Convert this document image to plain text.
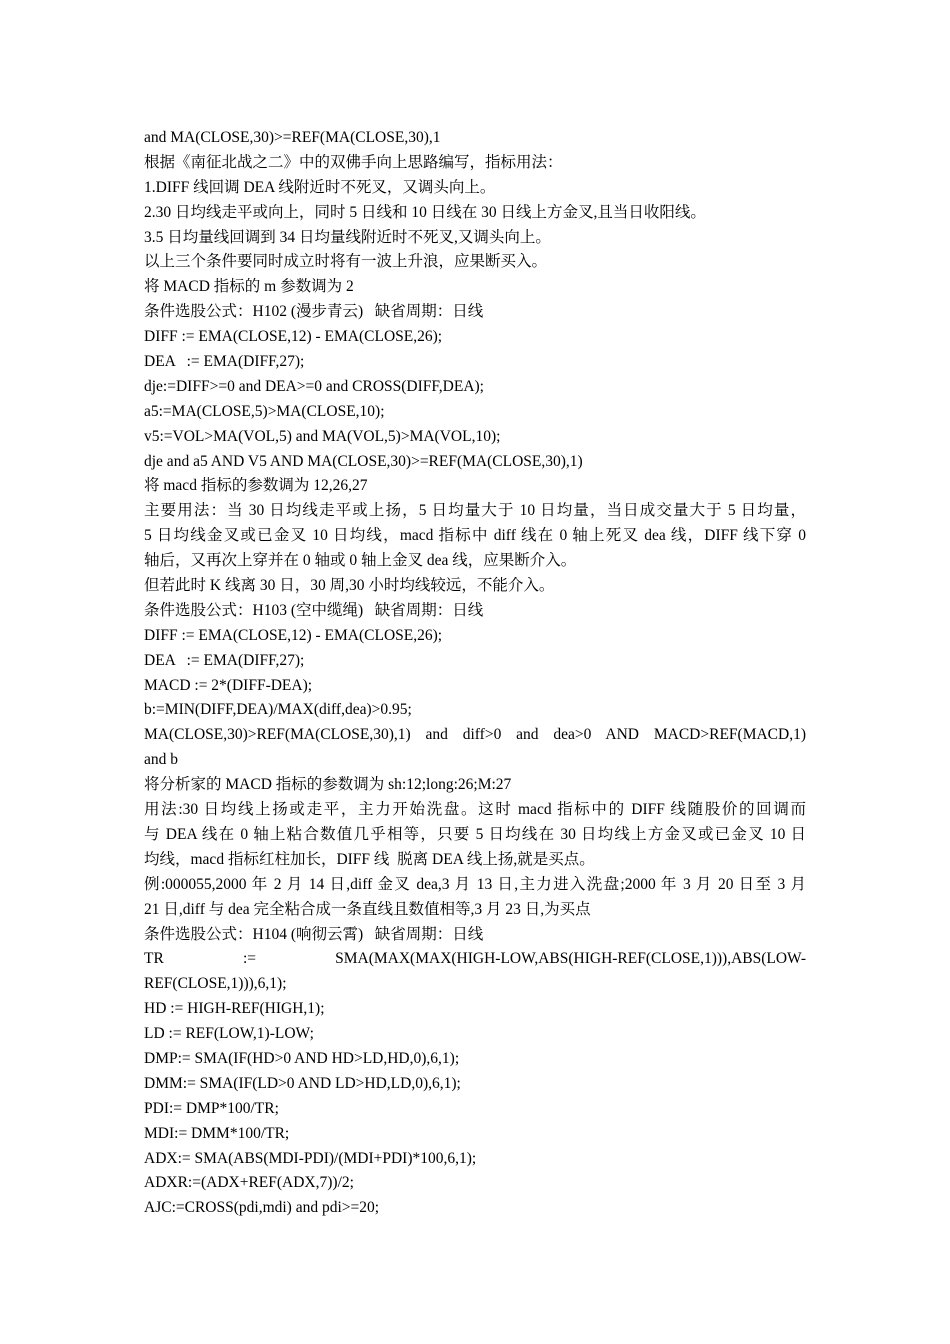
and MA(CLOSE,30)>=REF(MA(CLOSE,30),1
根据《南征北战之二》中的双佛手向上思路编写，指标用法：
1.DIFF 线回调 DEA 线附近时不死叉，又调头向上。
2.30 日均线走平或向上，同时 5 日线和 10 日线在 30 日线上方金叉,且当日收阳线。
3.5 日均量线回调到 34 日均量线附近时不死叉,又调头向上。
以上三个条件要同时成立时将有一波上升浪，应果断买入。
将 MACD 指标的 m 参数调为 2
条件选股公式：H102 (漫步青云)   缺省周期：日线
DIFF := EMA(CLOSE,12) - EMA(CLOSE,26);
DEA   := EMA(DIFF,27);
dje:=DIFF>=0 and DEA>=0 and CROSS(DIFF,DEA);
a5:=MA(CLOSE,5)>MA(CLOSE,10);
v5:=VOL>MA(VOL,5) and MA(VOL,5)>MA(VOL,10);
dje and a5 AND V5 AND MA(CLOSE,30)>=REF(MA(CLOSE,30),1)
将 macd 指标的参数调为 12,26,27
主要用法：当 30 日均线走平或上扬，5 日均量大于 10 日均量，当日成交量大于 5 日均量，
5 日均线金叉或已金叉 10 日均线，macd 指标中 diff 线在 0 轴上死叉 dea 线，DIFF 线下穿 0
轴后，又再次上穿并在 0 轴或 0 轴上金叉 dea 线，应果断介入。
但若此时 K 线离 30 日，30 周,30 小时均线较远，不能介入。
条件选股公式：H103 (空中缆绳)   缺省周期：日线
DIFF := EMA(CLOSE,12) - EMA(CLOSE,26);
DEA   := EMA(DIFF,27);
MACD := 2*(DIFF-DEA);
b:=MIN(DIFF,DEA)/MAX(diff,dea)>0.95;
MA(CLOSE,30)>REF(MA(CLOSE,30),1) and diff>0 and dea>0 AND MACD>REF(MACD,1)
and b
将分析家的 MACD 指标的参数调为 sh:12;long:26;M:27
用法:30 日均线上扬或走平，主力开始洗盘。这时 macd 指标中的 DIFF 线随股价的回调而
与 DEA 线在 0 轴上粘合数值几乎相等，只要 5 日均线在 30 日均线上方金叉或已金叉 10 日
均线，macd 指标红柱加长，DIFF 线  脱离 DEA 线上扬,就是买点。
例:000055,2000 年 2 月 14 日,diff 金叉 dea,3 月 13 日,主力进入洗盘;2000 年 3 月 20 日至 3 月
21 日,diff 与 dea 完全粘合成一条直线且数值相等,3 月 23 日,为买点
条件选股公式：H104 (响彻云霄)   缺省周期：日线
TR := SMA(MAX(MAX(HIGH-LOW,ABS(HIGH-REF(CLOSE,1))),ABS(LOW-
REF(CLOSE,1))),6,1);
HD := HIGH-REF(HIGH,1);
LD := REF(LOW,1)-LOW;
DMP:= SMA(IF(HD>0 AND HD>LD,HD,0),6,1);
DMM:= SMA(IF(LD>0 AND LD>HD,LD,0),6,1);
PDI:= DMP*100/TR;
MDI:= DMM*100/TR;
ADX:= SMA(ABS(MDI-PDI)/(MDI+PDI)*100,6,1);
ADXR:=(ADX+REF(ADX,7))/2;
AJC:=CROSS(pdi,mdi) and pdi>=20;
